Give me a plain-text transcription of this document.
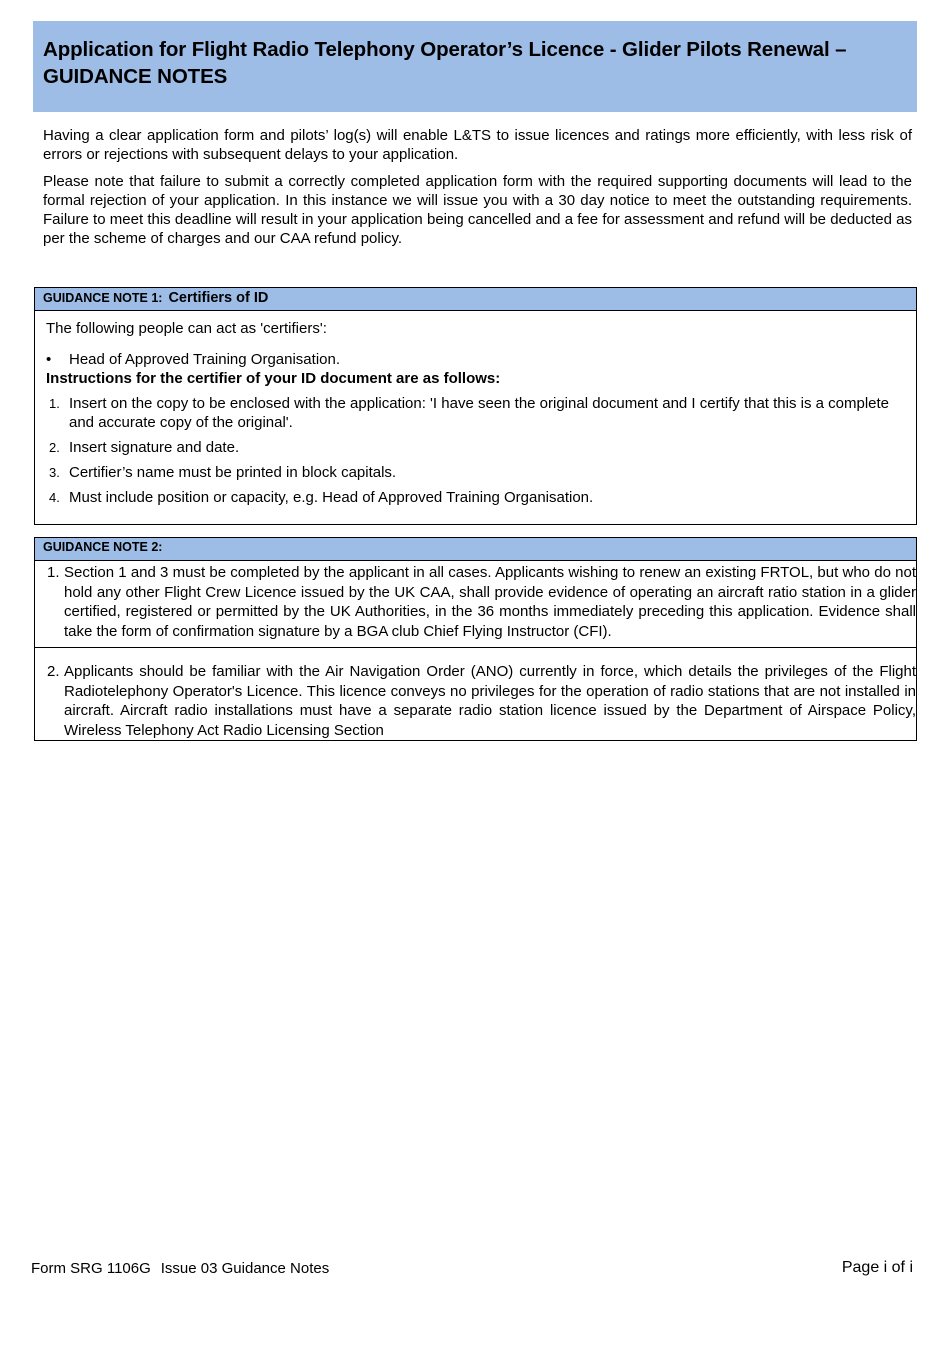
Application for Flight Radio Telephony Operator’s Licence - Glider Pilots Renewal – GUIDANCE NOTES

Having a clear application form and pilots’ log(s) will enable L&TS to issue licences and ratings more efficiently, with less risk of errors or rejections with subsequent delays to your application.

Please note that failure to submit a correctly completed application form with the required supporting documents will lead to the formal rejection of your application. In this instance we will issue you with a 30 day notice to meet the outstanding requirements. Failure to meet this deadline will result in your application being cancelled and a fee for assessment and refund will be deducted as per the scheme of charges and our CAA refund policy.

GUIDANCE NOTE 1: Certifiers of ID

The following people can act as 'certifiers':

•	Head of Approved Training Organisation.

Instructions for the certifier of your ID document are as follows:

1. Insert on the copy to be enclosed with the application: 'I have seen the original document and I certify that this is a complete and accurate copy of the original'.
2. Insert signature and date.
3. Certifier’s name must be printed in block capitals.
4. Must include position or capacity, e.g. Head of Approved Training Organisation.
GUIDANCE NOTE 2:
1. Section 1 and 3 must be completed by the applicant in all cases. Applicants wishing to renew an existing FRTOL, but who do not hold any other Flight Crew Licence issued by the UK CAA, shall provide evidence of operating an aircraft ratio station in a glider certified, registered or permitted by the UK Authorities, in the 36 months immediately preceding this application. Evidence shall take the form of confirmation signature by a BGA club Chief Flying Instructor (CFI).
2. Applicants should be familiar with the Air Navigation Order (ANO) currently in force, which details the privileges of the Flight Radiotelephony Operator's Licence. This licence conveys no privileges for the operation of radio stations that are not installed in aircraft. Aircraft radio installations must have a separate radio station licence issued by the Department of Airspace Policy, Wireless Telephony Act Radio Licensing Section
Form SRG 1106G Issue 03 Guidance Notes	Page i of i
